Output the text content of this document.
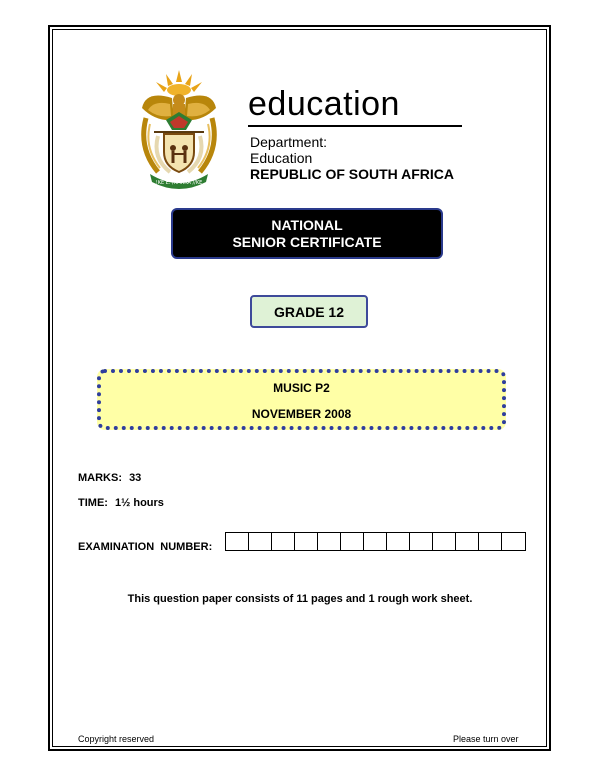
!KE E: /XARRA //KE
education
Department:
Education
REPUBLIC OF SOUTH AFRICA
NATIONAL
SENIOR CERTIFICATE
GRADE 12
MUSIC P2
NOVEMBER 2008
MARKS: 33
TIME: 1½ hours
EXAMINATION  NUMBER:
This question paper consists of 11 pages and 1 rough work sheet.
Copyright reserved	Please turn over
